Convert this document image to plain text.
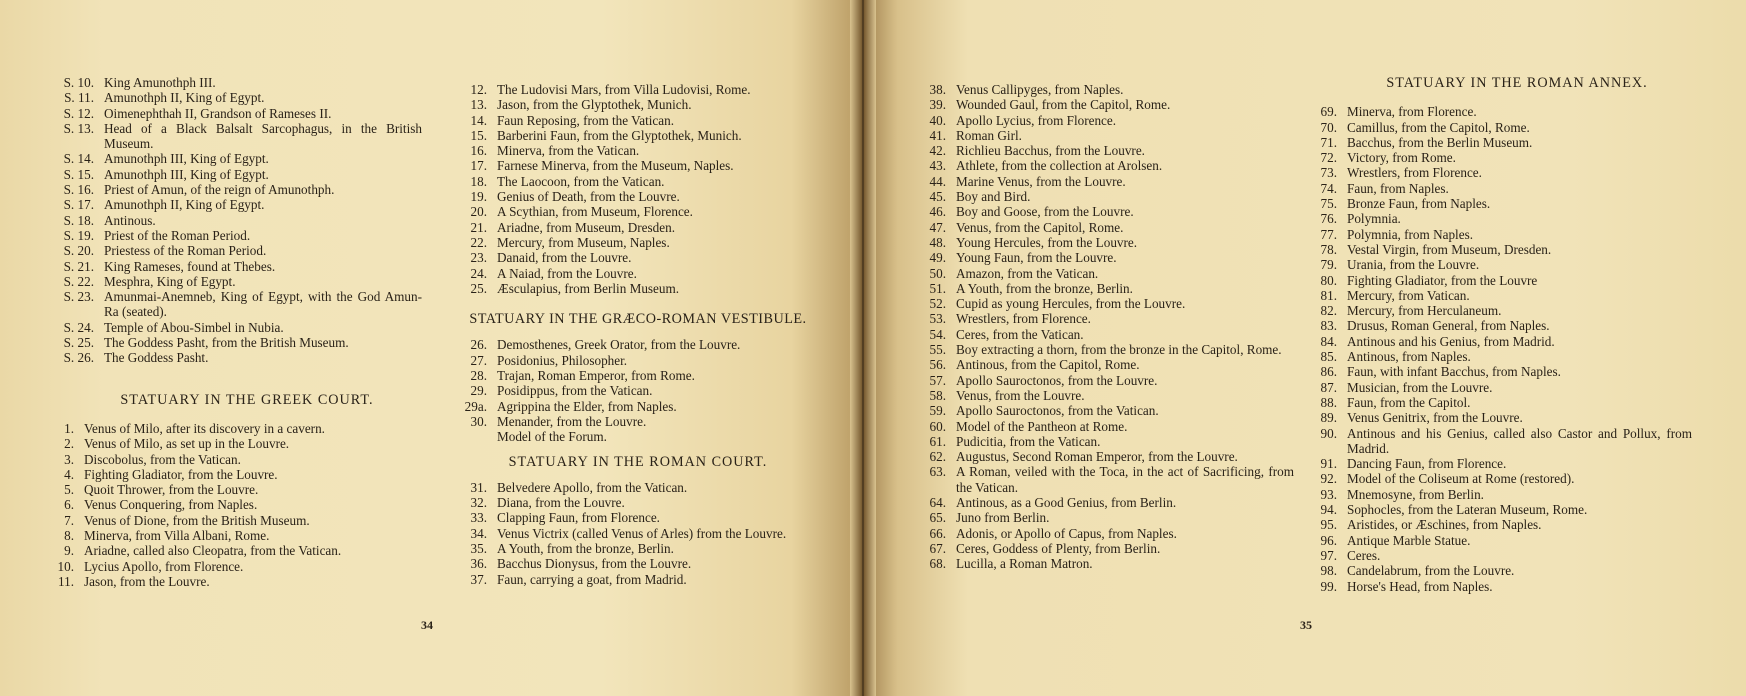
S. 10. King Amunothph III.
S. 11. Amunothph II, King of Egypt.
S. 12. Oimenephthah II, Grandson of Rameses II.
S. 13. Head of a Black Balsalt Sarcophagus, in the British Museum.
S. 14. Amunothph III, King of Egypt.
S. 15. Amunothph III, King of Egypt.
S. 16. Priest of Amun, of the reign of Amunothph.
S. 17. Amunothph II, King of Egypt.
S. 18. Antinous.
S. 19. Priest of the Roman Period.
S. 20. Priestess of the Roman Period.
S. 21. King Rameses, found at Thebes.
S. 22. Mesphra, King of Egypt.
S. 23. Amunmai-Anemneb, King of Egypt, with the God Amun-Ra (seated).
S. 24. Temple of Abou-Simbel in Nubia.
S. 25. The Goddess Pasht, from the British Museum.
S. 26. The Goddess Pasht.
STATUARY IN THE GREEK COURT.
1. Venus of Milo, after its discovery in a cavern.
2. Venus of Milo, as set up in the Louvre.
3. Discobolus, from the Vatican.
4. Fighting Gladiator, from the Louvre.
5. Quoit Thrower, from the Louvre.
6. Venus Conquering, from Naples.
7. Venus of Dione, from the British Museum.
8. Minerva, from Villa Albani, Rome.
9. Ariadne, called also Cleopatra, from the Vatican.
10. Lycius Apollo, from Florence.
11. Jason, from the Louvre.
12. The Ludovisi Mars, from Villa Ludovisi, Rome.
13. Jason, from the Glyptothek, Munich.
14. Faun Reposing, from the Vatican.
15. Barberini Faun, from the Glyptothek, Munich.
16. Minerva, from the Vatican.
17. Farnese Minerva, from the Museum, Naples.
18. The Laocoon, from the Vatican.
19. Genius of Death, from the Louvre.
20. A Scythian, from Museum, Florence.
21. Ariadne, from Museum, Dresden.
22. Mercury, from Museum, Naples.
23. Danaid, from the Louvre.
24. A Naiad, from the Louvre.
25. Æsculapius, from Berlin Museum.
STATUARY IN THE GRÆCO-ROMAN VESTIBULE.
26. Demosthenes, Greek Orator, from the Louvre.
27. Posidonius, Philosopher.
28. Trajan, Roman Emperor, from Rome.
29. Posidippus, from the Vatican.
29a. Agrippina the Elder, from Naples.
30. Menander, from the Louvre.
Model of the Forum.
STATUARY IN THE ROMAN COURT.
31. Belvedere Apollo, from the Vatican.
32. Diana, from the Louvre.
33. Clapping Faun, from Florence.
34. Venus Victrix (called Venus of Arles) from the Louvre.
35. A Youth, from the bronze, Berlin.
36. Bacchus Dionysus, from the Louvre.
37. Faun, carrying a goat, from Madrid.
34
38. Venus Callipyges, from Naples.
39. Wounded Gaul, from the Capitol, Rome.
40. Apollo Lycius, from Florence.
41. Roman Girl.
42. Richlieu Bacchus, from the Louvre.
43. Athlete, from the collection at Arolsen.
44. Marine Venus, from the Louvre.
45. Boy and Bird.
46. Boy and Goose, from the Louvre.
47. Venus, from the Capitol, Rome.
48. Young Hercules, from the Louvre.
49. Young Faun, from the Louvre.
50. Amazon, from the Vatican.
51. A Youth, from the bronze, Berlin.
52. Cupid as young Hercules, from the Louvre.
53. Wrestlers, from Florence.
54. Ceres, from the Vatican.
55. Boy extracting a thorn, from the bronze in the Capitol, Rome.
56. Antinous, from the Capitol, Rome.
57. Apollo Sauroctonos, from the Louvre.
58. Venus, from the Louvre.
59. Apollo Sauroctonos, from the Vatican.
60. Model of the Pantheon at Rome.
61. Pudicitia, from the Vatican.
62. Augustus, Second Roman Emperor, from the Louvre.
63. A Roman, veiled with the Toca, in the act of Sacrificing, from the Vatican.
64. Antinous, as a Good Genius, from Berlin.
65. Juno from Berlin.
66. Adonis, or Apollo of Capus, from Naples.
67. Ceres, Goddess of Plenty, from Berlin.
68. Lucilla, a Roman Matron.
STATUARY IN THE ROMAN ANNEX.
69. Minerva, from Florence.
70. Camillus, from the Capitol, Rome.
71. Bacchus, from the Berlin Museum.
72. Victory, from Rome.
73. Wrestlers, from Florence.
74. Faun, from Naples.
75. Bronze Faun, from Naples.
76. Polymnia.
77. Polymnia, from Naples.
78. Vestal Virgin, from Museum, Dresden.
79. Urania, from the Louvre.
80. Fighting Gladiator, from the Louvre
81. Mercury, from Vatican.
82. Mercury, from Herculaneum.
83. Drusus, Roman General, from Naples.
84. Antinous and his Genius, from Madrid.
85. Antinous, from Naples.
86. Faun, with infant Bacchus, from Naples.
87. Musician, from the Louvre.
88. Faun, from the Capitol.
89. Venus Genitrix, from the Louvre.
90. Antinous and his Genius, called also Castor and Pollux, from Madrid.
91. Dancing Faun, from Florence.
92. Model of the Coliseum at Rome (restored).
93. Mnemosyne, from Berlin.
94. Sophocles, from the Lateran Museum, Rome.
95. Aristides, or Æschines, from Naples.
96. Antique Marble Statue.
97. Ceres.
98. Candelabrum, from the Louvre.
99. Horse's Head, from Naples.
35
